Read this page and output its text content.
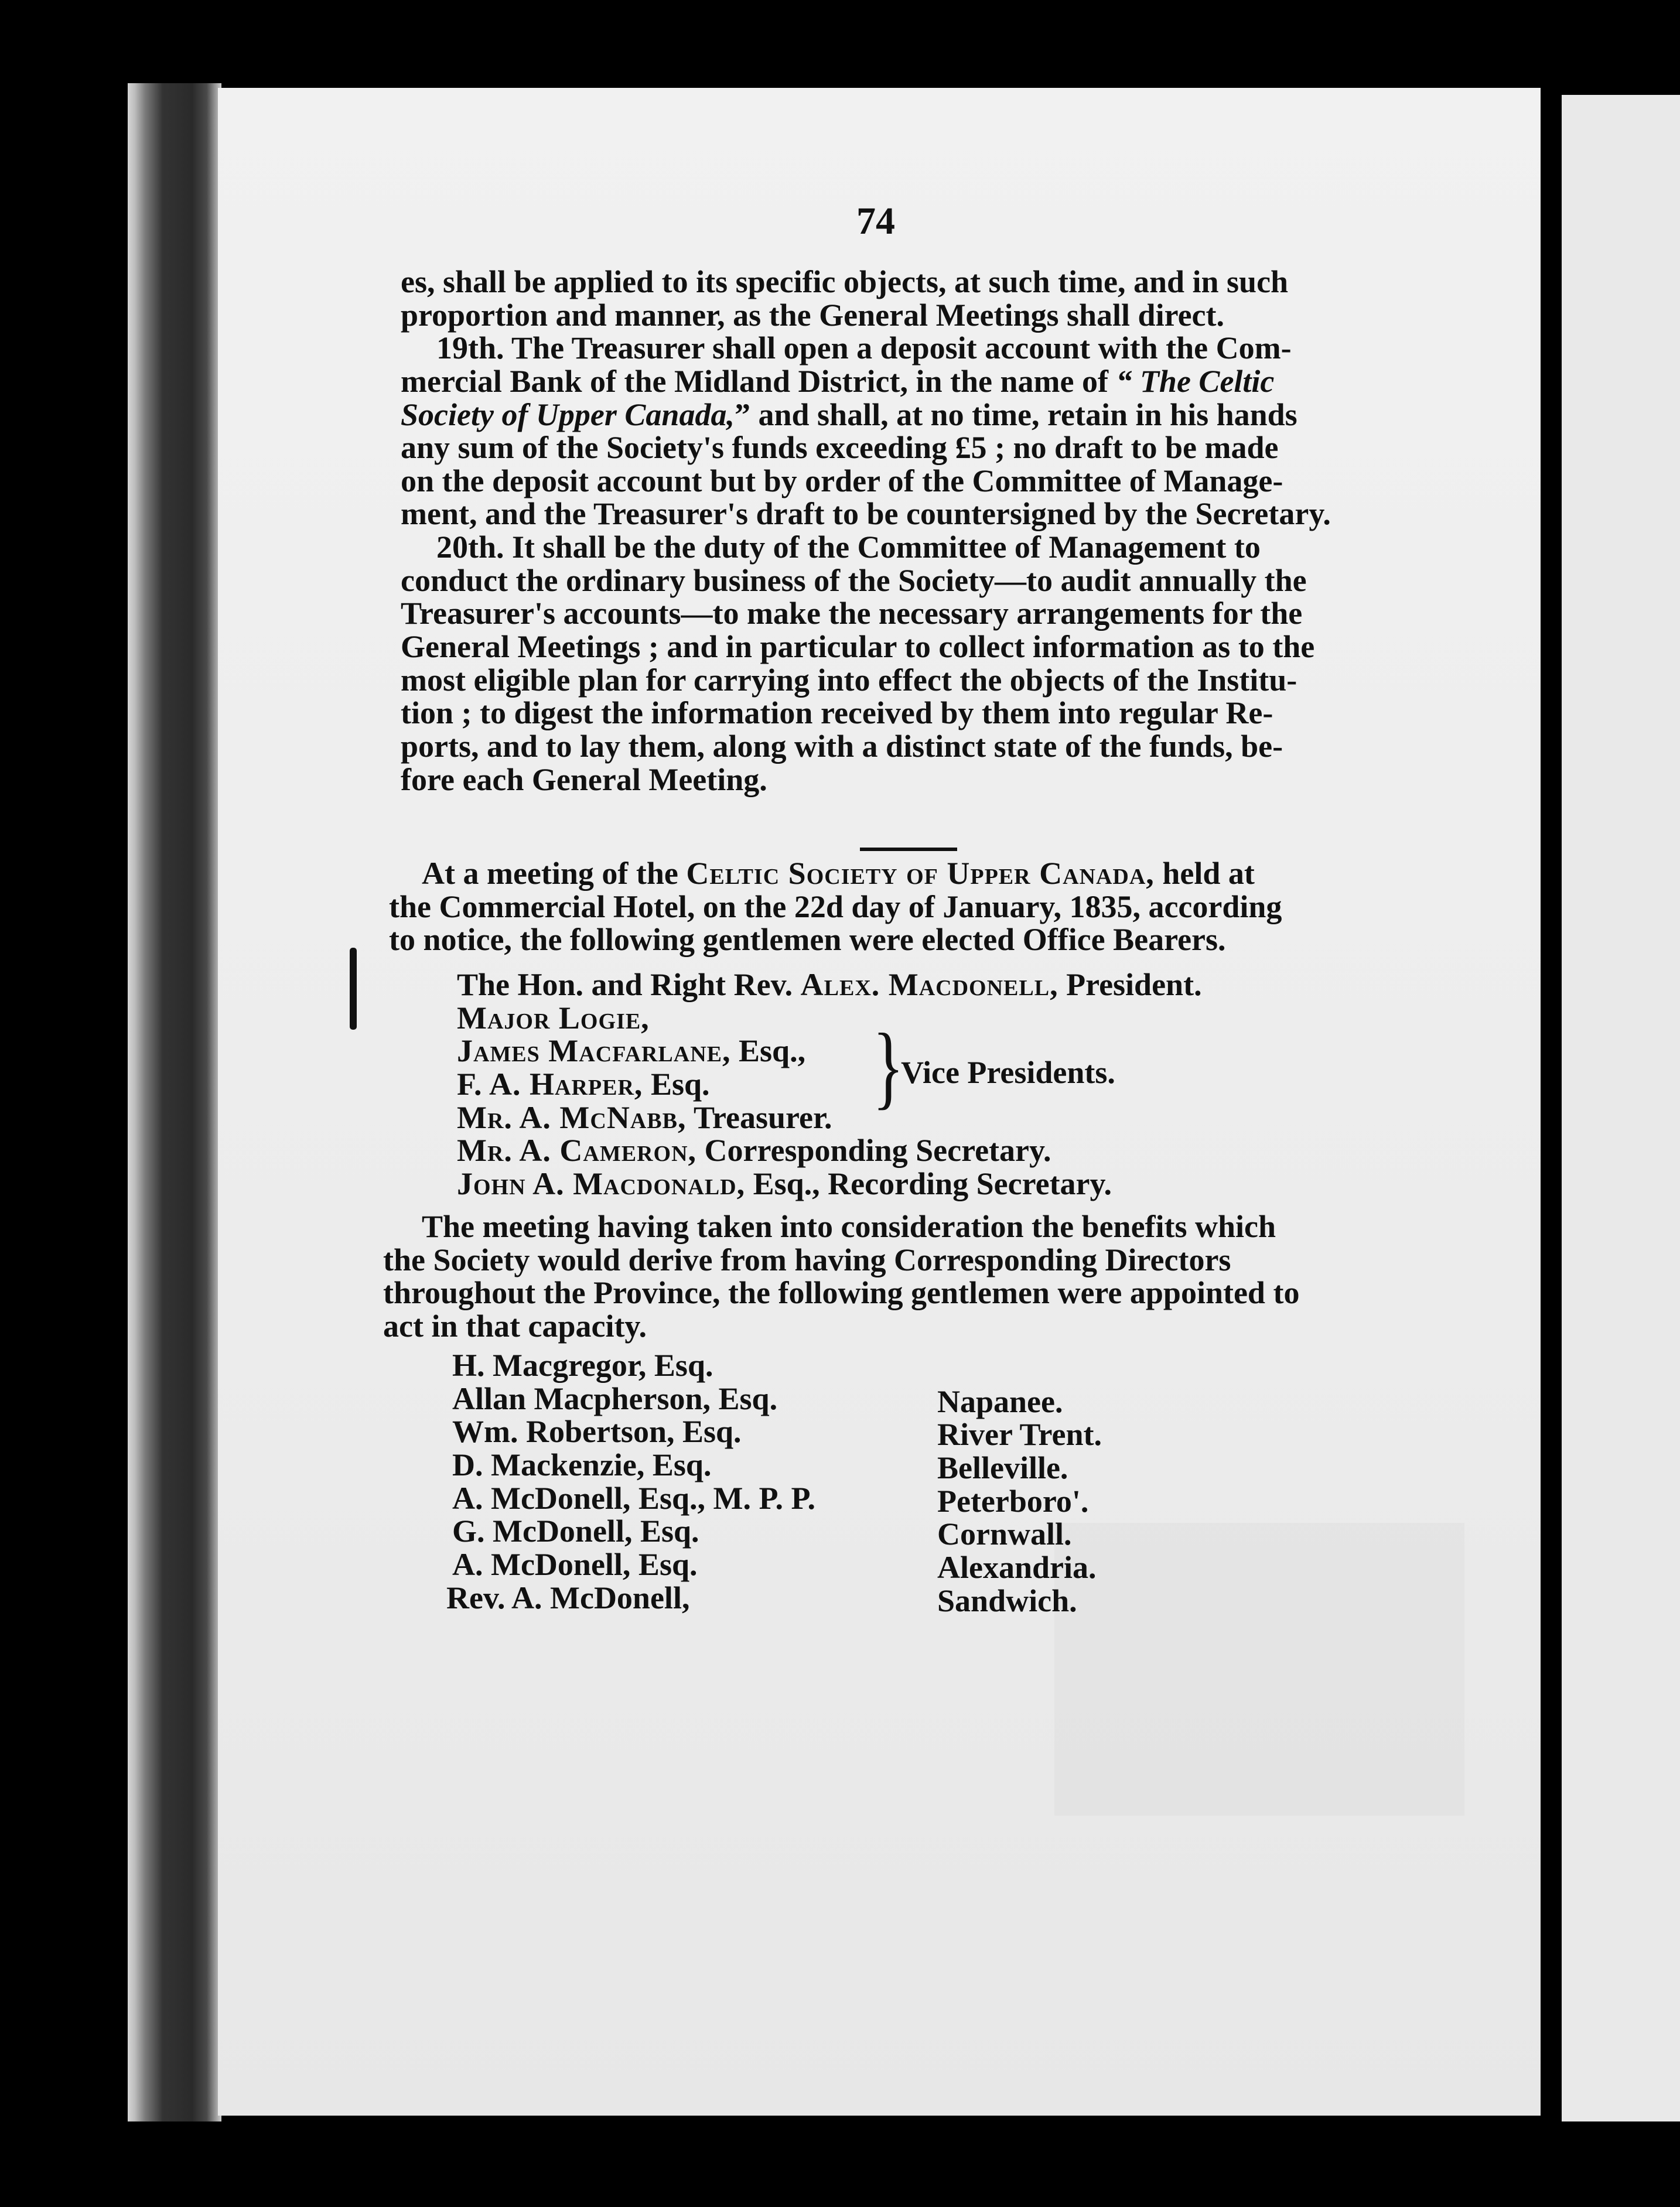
74
es, shall be applied to its specific objects, at such time, and in such
proportion and manner, as the General Meetings shall direct.
19th. The Treasurer shall open a deposit account with the Com-
mercial Bank of the Midland District, in the name of “ The Celtic
Society of Upper Canada,” and shall, at no time, retain in his hands
any sum of the Society's funds exceeding £5 ; no draft to be made
on the deposit account but by order of the Committee of Manage-
ment, and the Treasurer's draft to be countersigned by the Secretary.
20th. It shall be the duty of the Committee of Management to
conduct the ordinary business of the Society—to audit annually the
Treasurer's accounts—to make the necessary arrangements for the
General Meetings ; and in particular to collect information as to the
most eligible plan for carrying into effect the objects of the Institu-
tion ; to digest the information received by them into regular Re-
ports, and to lay them, along with a distinct state of the funds, be-
fore each General Meeting.
At a meeting of the Celtic Society of Upper Canada, held at
the Commercial Hotel, on the 22d day of January, 1835, according
to notice, the following gentlemen were elected Office Bearers.
The Hon. and Right Rev. Alex. Macdonell, President.
Major Logie,
James Macfarlane, Esq.,
F. A. Harper, Esq. }
Vice Presidents.
Mr. A. McNabb, Treasurer.
Mr. A. Cameron, Corresponding Secretary.
John A. Macdonald, Esq., Recording Secretary.
The meeting having taken into consideration the benefits which
the Society would derive from having Corresponding Directors
throughout the Province, the following gentlemen were appointed to
act in that capacity.
H. Macgregor, Esq.
Allan Macpherson, Esq.	Napanee.
Wm. Robertson, Esq.	River Trent.
D. Mackenzie, Esq.	Belleville.
A. McDonell, Esq., M. P. P.	Peterboro'.
G. McDonell, Esq.	Cornwall.
A. McDonell, Esq.	Alexandria.
Rev. A. McDonell,	Sandwich.
